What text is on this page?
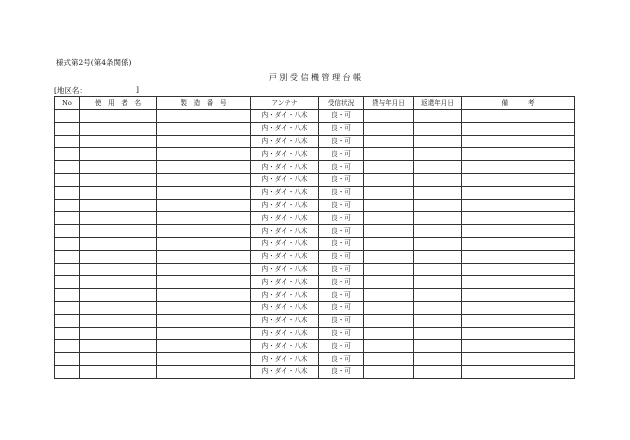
様式第2号(第4条関係)
戸 別 受 信 機 管 理 台 帳
[地区名：	]
No	使　用　者　名	製　造　番　号	アンテナ	受信状況	貸与年月日	返還年月日	備　　　考
			内・ダイ・八木	良・可			
			内・ダイ・八木	良・可			
			内・ダイ・八木	良・可			
			内・ダイ・八木	良・可			
			内・ダイ・八木	良・可			
			内・ダイ・八木	良・可			
			内・ダイ・八木	良・可			
			内・ダイ・八木	良・可			
			内・ダイ・八木	良・可			
			内・ダイ・八木	良・可			
			内・ダイ・八木	良・可			
			内・ダイ・八木	良・可			
			内・ダイ・八木	良・可			
			内・ダイ・八木	良・可			
			内・ダイ・八木	良・可			
			内・ダイ・八木	良・可			
			内・ダイ・八木	良・可			
			内・ダイ・八木	良・可			
			内・ダイ・八木	良・可			
			内・ダイ・八木	良・可			
			内・ダイ・八木	良・可			
